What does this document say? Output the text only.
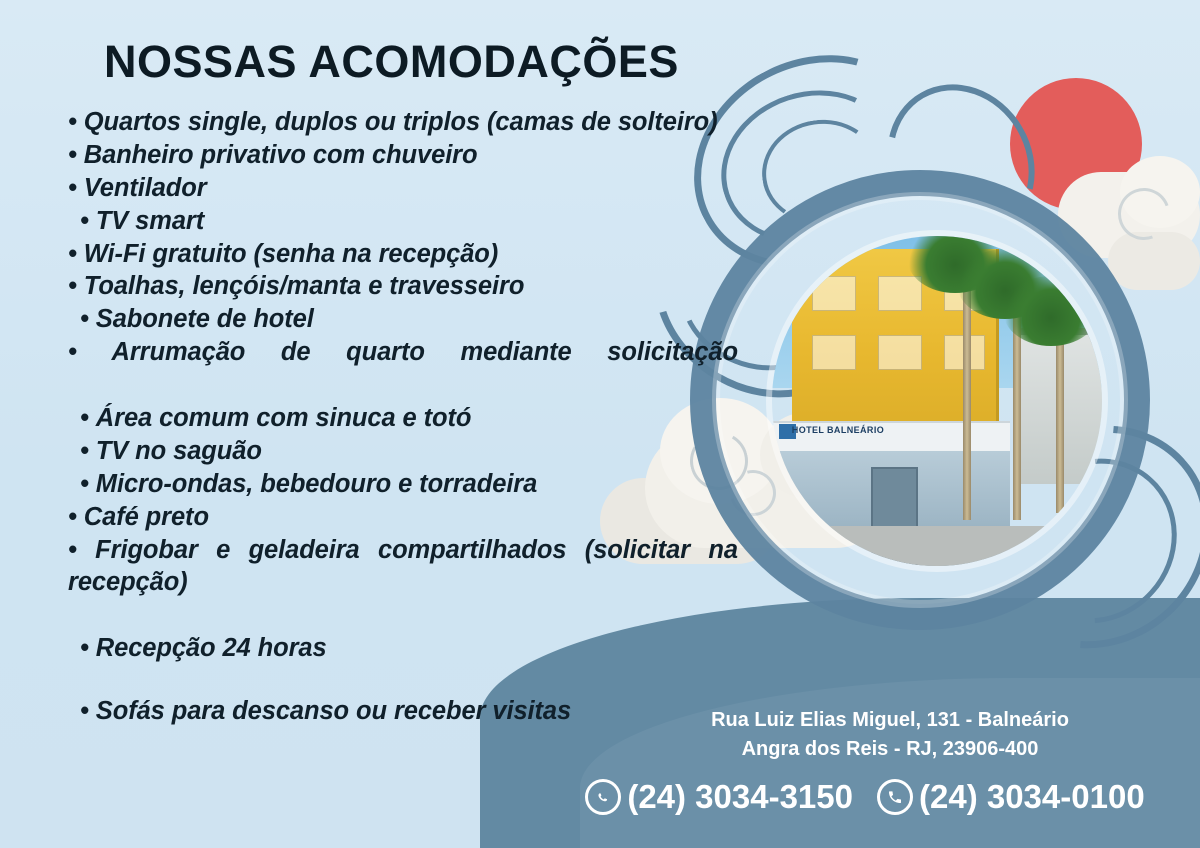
HOTEL BALNEÁRIO
NOSSAS ACOMODAÇÕES
• Quartos single, duplos ou triplos (camas de solteiro)
• Banheiro privativo com chuveiro
• Ventilador
• TV smart
• Wi-Fi gratuito (senha na recepção)
• Toalhas, lençóis/manta e travesseiro
• Sabonete de hotel
• Arrumação de quarto mediante solicitação
• Área comum com sinuca e totó
• TV no saguão
• Micro-ondas, bebedouro e torradeira
• Café preto
• Frigobar e geladeira compartilhados (solicitar na recepção)
• Recepção 24 horas
• Sofás para descanso ou receber visitas	Rua Luiz Elias Miguel, 131 - Balneário
Angra dos Reis - RJ, 23906-400
(24) 3034-3150 (24) 3034-0100
